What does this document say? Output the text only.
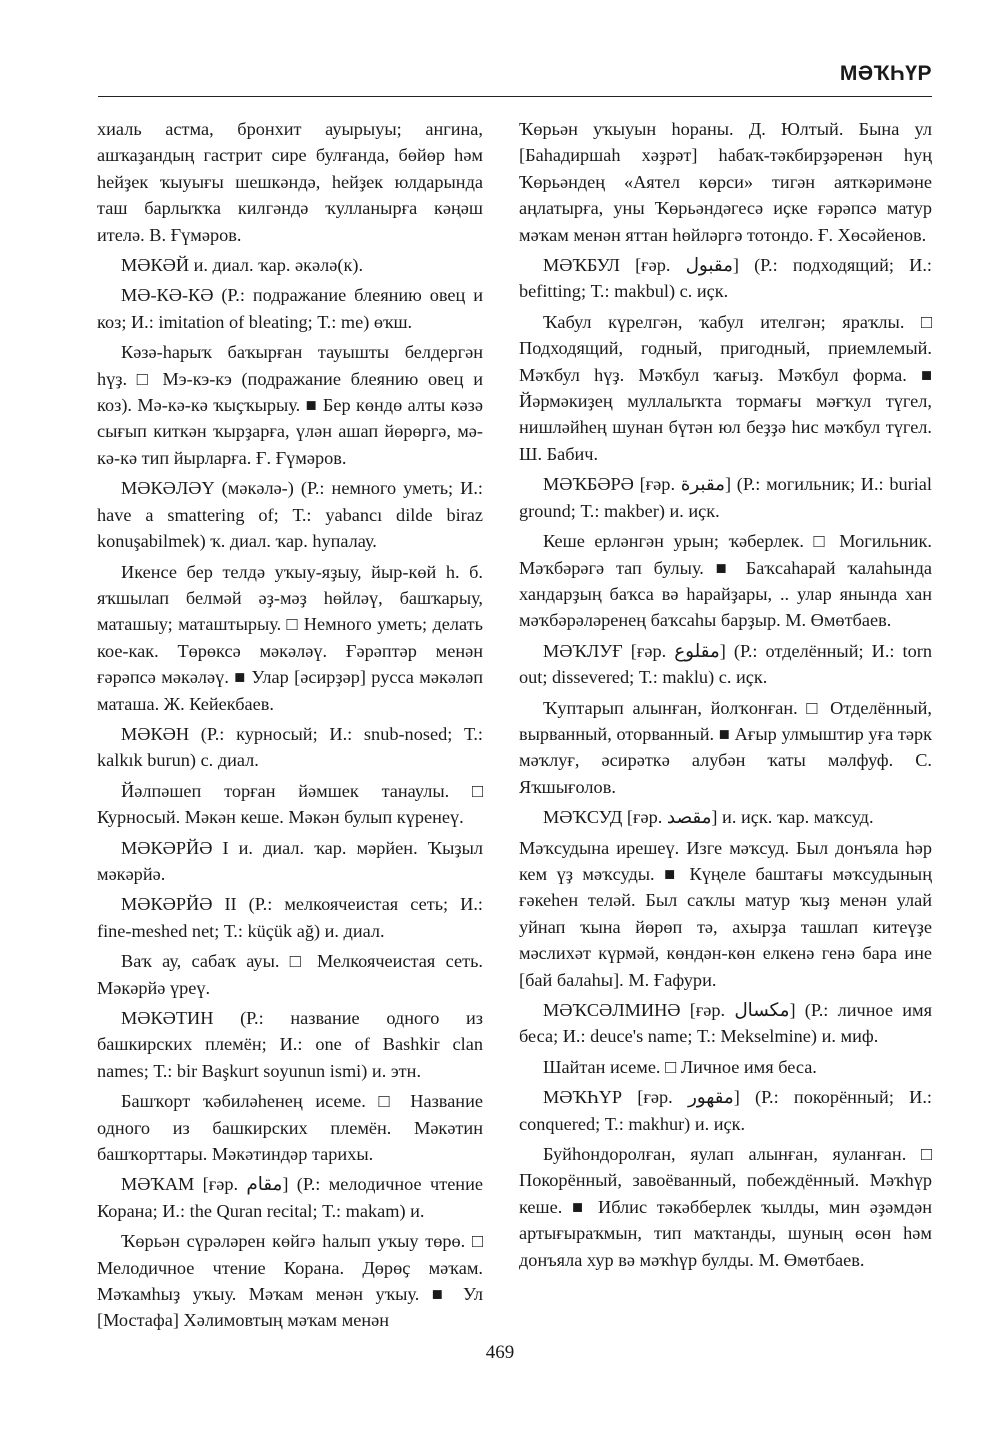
МӘҠҺҮР

хиаль астма, бронхит ауырыуы; ангина, ашҡаҙандың гастрит сире булғанда, бөйөр һәм һейҙек ҡыуығы шешкәндә, һейҙек юлдарында таш барлыҡҡа килгәндә ҡулланырға кәңәш ителә. В. Ғүмәров.

МӘКӘЙ и. диал. ҡар. әкәлә(к).

МӘ-КӘ-КӘ (Р.: подражание блеянию овец и коз; И.: imitation of bleating; Т.: me) өҡш.

Кәзә-һарыҡ баҡырған тауышты белдергән һүҙ. □ Мэ-кэ-кэ (подражание блеянию овец и коз). Мә-кә-кә ҡыҫҡырыу. ■ Бер көндө алты кәзә сығып киткән ҡырҙарға, үлән ашап йөрөргә, мә-кә-кә тип йырларға. Ғ. Ғүмәров.

МӘКӘЛӘҮ (мәкәлә-) (Р.: немного уметь; И.: have a smattering of; Т.: yabancı dilde biraz konuşabilmek) ҡ. диал. ҡар. һупалау.

Икенсе бер телдә уҡыу-яҙыу, йыр-көй һ. б. яҡшылап белмәй әҙ-мәҙ һөйләү, башҡарыу, маташыу; маташтырыу. □ Немного уметь; делать кое-как. Төрөксә мәкәләү. Ғәрәптәр менән ғәрәпсә мәкәләү. ■ Улар [әсирҙәр] русса мәкәләп маташа. Ж. Кейекбаев.

МӘКӘН (Р.: курносый; И.: snub-nosed; Т.: kalkık burun) с. диал.

Йәлпәшеп торған йәмшек танаулы. □ Курносый. Мәкән кеше. Мәкән булып күренеү.

МӘКӘРЙӘ I и. диал. ҡар. мәрйен. Ҡыҙыл мәкәрйә.

МӘКӘРЙӘ II (Р.: мелкоячеистая сеть; И.: fine-meshed net; Т.: küçük ağ) и. диал.

Ваҡ ау, сабаҡ ауы. □ Мелкоячеистая сеть. Мәкәрйә үреү.

МӘКӘТИН (Р.: название одного из башкирских племён; И.: one of Bashkir clan names; Т.: bir Başkurt soyunun ismi) и. этн.

Башҡорт ҡәбиләһенең исеме. □ Название одного из башкирских племён. Мәкәтин башҡорттары. Мәкәтиндәр тарихы.

МӘҠАМ [ғәр. مقام] (Р.: мелодичное чтение Корана; И.: the Quran recital; Т.: makam) и.

Ҡөрьән сүрәләрен көйгә һалып уҡыу төрө. □ Мелодичное чтение Корана. Дөрөҫ мәҡам. Мәҡамһыҙ уҡыу. Мәҡам менән уҡыу. ■ Ул [Мостафа] Хәлимовтың мәҡам менән

Ҡөрьән уҡыуын һораны. Д. Юлтый. Бына ул [Баһадиршаһ хәҙрәт] һабаҡ-тәкбирҙәренән һуң Ҡөрьәндең «Аятел көрси» тигән аяткәримәне аңлатырға, уны Ҡөрьәндәгесә иҫке ғәрәпсә матур мәҡам менән яттан һөйләргә тотондо. Ғ. Хөсәйенов.

МӘҠБУЛ [ғәр. مقبول] (Р.: подходящий; И.: befitting; Т.: makbul) с. иҫк.

Ҡабул күрелгән, ҡабул ителгән; яраҡлы. □ Подходящий, годный, пригодный, приемлемый. Мәҡбул һүҙ. Мәҡбул ҡағыҙ. Мәҡбул форма. ■ Йәрмәкиҙең муллалыҡта тормағы мәғҡул түгел, нишләйһең шунан бүтән юл беҙҙә һис мәҡбул түгел. Ш. Бабич.

МӘҠБӘРӘ [ғәр. مقبرة] (Р.: могильник; И.: burial ground; Т.: makber) и. иҫк.

Кеше ерләнгән урын; ҡәберлек. □ Могильник. Мәҡбәрәгә тап булыу. ■ Баҡсаһарай ҡалаһында хандарҙың баҡса вә һарайҙары, .. улар янында хан мәҡбәрәләренең баҡсаһы барҙыр. М. Өмөтбаев.

МӘҠЛУҒ [ғәр. مقلوع] (Р.: отделённый; И.: torn out; dissevered; Т.: maklu) с. иҫк.

Ҡуптарып алынған, йолҡонған. □ Отделённый, вырванный, оторванный. ■ Ағыр улмыштир уға тәрк мәҡлуғ, әсирәткә алубән ҡаты мәлфуф. С. Яҡшығолов.

МӘҠСУД [ғәр. مقصد] и. иҫк. ҡар. маҡсуд.

Мәҡсудына ирешеү. Изге мәҡсуд. Был донъяла һәр кем үҙ мәҡсуды. ■ Күңеле баштағы мәҡсудының ғәкеһен теләй. Был саҡлы матур ҡыҙ менән улай уйнап ҡына йөрөп тә, ахырҙа ташлап китеүҙе мәслихәт күрмәй, көндән-көн елкенә генә бара ине [бай балаһы]. М. Ғафури.

МӘҠСӘЛМИНӘ [ғәр. مكسال] (Р.: личное имя беса; И.: deuce's name; Т.: Mekselmine) и. миф.

Шайтан исеме. □ Личное имя беса.

МӘҠҺҮР [ғәр. مقهور] (Р.: покорённый; И.: conquered; Т.: makhur) и. иҫк.

Буйһондоролған, яулап алынған, яуланған. □ Покорённый, завоёванный, побеждённый. Мәҡһүр кеше. ■ Иблис тәкәбберлек ҡылды, мин әҙәмдән артығыраҡмын, тип маҡтанды, шуның өсөн һәм донъяла хур вә мәҡһүр булды. М. Өмөтбаев.

469
